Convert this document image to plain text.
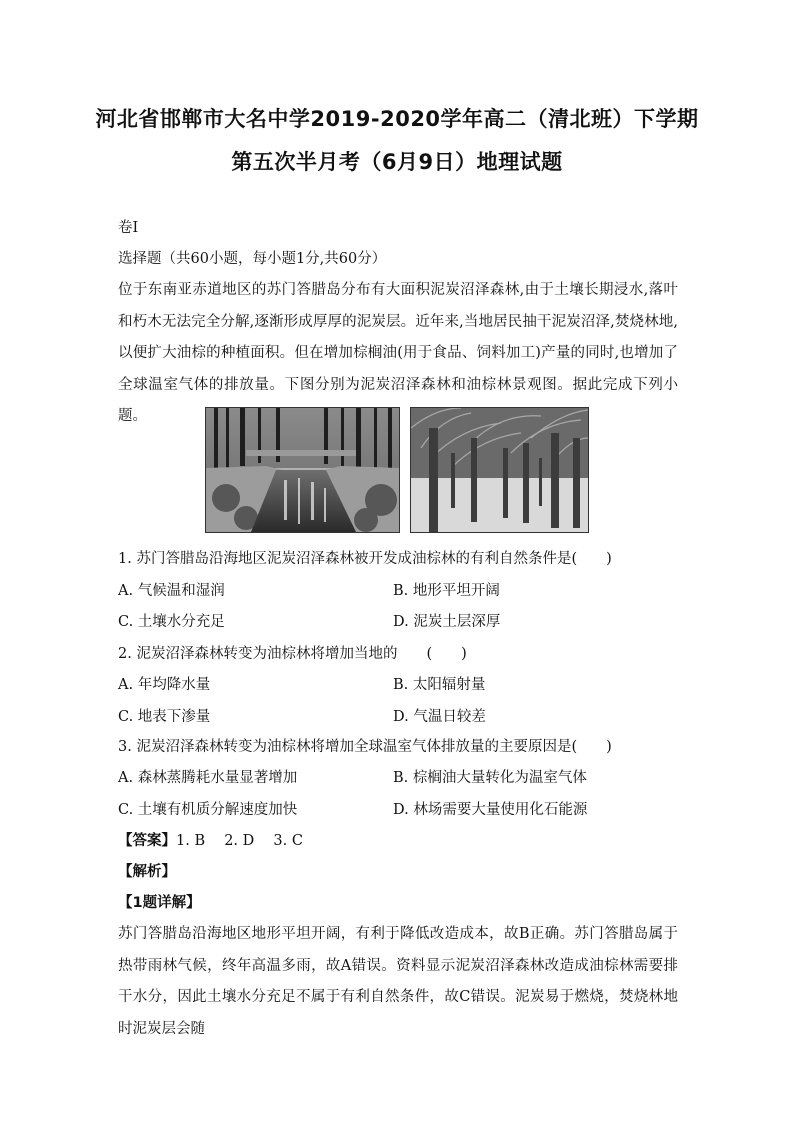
河北省邯郸市大名中学2019-2020学年高二（清北班）下学期
第五次半月考（6月9日）地理试题
卷I
选择题（共60小题，每小题1分,共60分）
位于东南亚赤道地区的苏门答腊岛分布有大面积泥炭沼泽森林,由于土壤长期浸水,落叶和朽木无法完全分解,逐渐形成厚厚的泥炭层。近年来,当地居民抽干泥炭沼泽,焚烧林地,以便扩大油棕的种植面积。但在增加棕榈油(用于食品、饲料加工)产量的同时,也增加了全球温室气体的排放量。下图分别为泥炭沼泽森林和油棕林景观图。据此完成下列小题。
1. 苏门答腊岛沿海地区泥炭沼泽森林被开发成油棕林的有利自然条件是(　　)
A. 气候温和湿润	B. 地形平坦开阔
C. 土壤水分充足	D. 泥炭土层深厚
2. 泥炭沼泽森林转变为油棕林将增加当地的　　(　　)
A. 年均降水量	B. 太阳辐射量
C. 地表下渗量	D. 气温日较差
3. 泥炭沼泽森林转变为油棕林将增加全球温室气体排放量的主要原因是(　　)
A. 森林蒸腾耗水量显著增加	B. 棕榈油大量转化为温室气体
C. 土壤有机质分解速度加快	D. 林场需要大量使用化石能源
【答案】1. B　 2. D　 3. C
【解析】
【1题详解】
苏门答腊岛沿海地区地形平坦开阔，有利于降低改造成本，故B正确。苏门答腊岛属于热带雨林气候，终年高温多雨，故A错误。资料显示泥炭沼泽森林改造成油棕林需要排干水分，因此土壤水分充足不属于有利自然条件，故C错误。泥炭易于燃烧，焚烧林地时泥炭层会随
